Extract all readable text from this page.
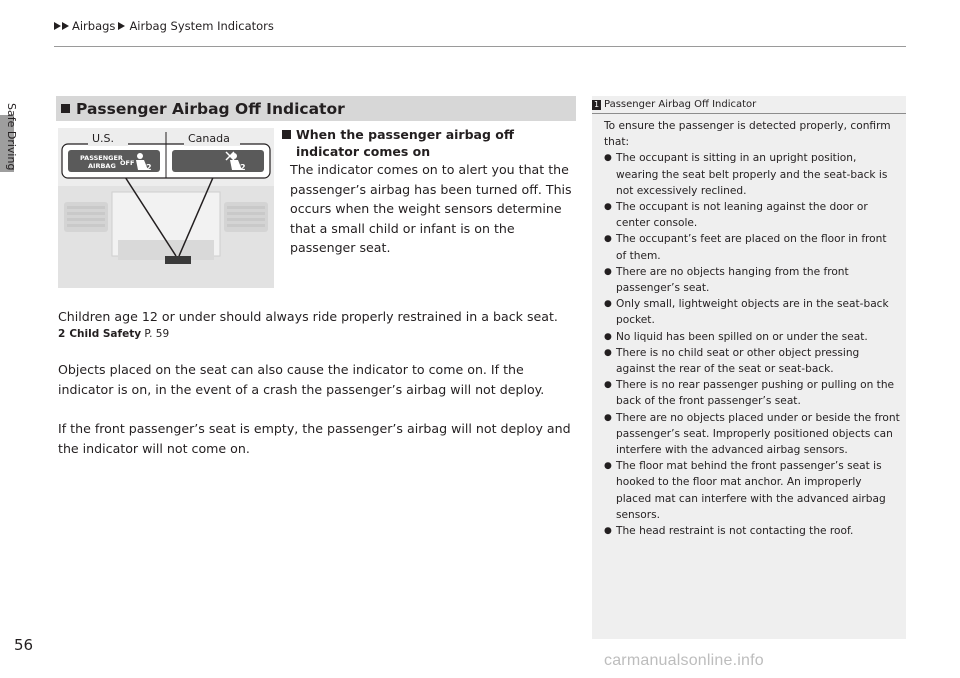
Airbags Airbag System Indicators
Safe Driving	Passenger Airbag Off Indicator
PASSENGER
AIRBAG OFF 2	2
U.S.	Canada	When the passenger airbag off indicator comes on
The indicator comes on to alert you that the passenger’s airbag has been turned off. This occurs when the weight sensors determine that a small child or infant is on the passenger seat.
Children age 12 or under should always ride properly restrained in a back seat.
2 Child Safety P. 59
Objects placed on the seat can also cause the indicator to come on. If the indicator is on, in the event of a crash the passenger’s airbag will not deploy.
If the front passenger’s seat is empty, the passenger’s airbag will not deploy and the indicator will not come on.
1 Passenger Airbag Off Indicator
To ensure the passenger is detected properly, confirm that:
● The occupant is sitting in an upright position, wearing the seat belt properly and the seat-back is not excessively reclined.
● The occupant is not leaning against the door or center console.
● The occupant’s feet are placed on the floor in front of them.
● There are no objects hanging from the front passenger’s seat.
● Only small, lightweight objects are in the seat-back pocket.
● No liquid has been spilled on or under the seat.
● There is no child seat or other object pressing against the rear of the seat or seat-back.
● There is no rear passenger pushing or pulling on the back of the front passenger’s seat.
● There are no objects placed under or beside the front passenger’s seat. Improperly positioned objects can interfere with the advanced airbag sensors.
● The floor mat behind the front passenger’s seat is hooked to the floor mat anchor. An improperly placed mat can interfere with the advanced airbag sensors.
● The head restraint is not contacting the roof.
56
carmanualsonline.info
